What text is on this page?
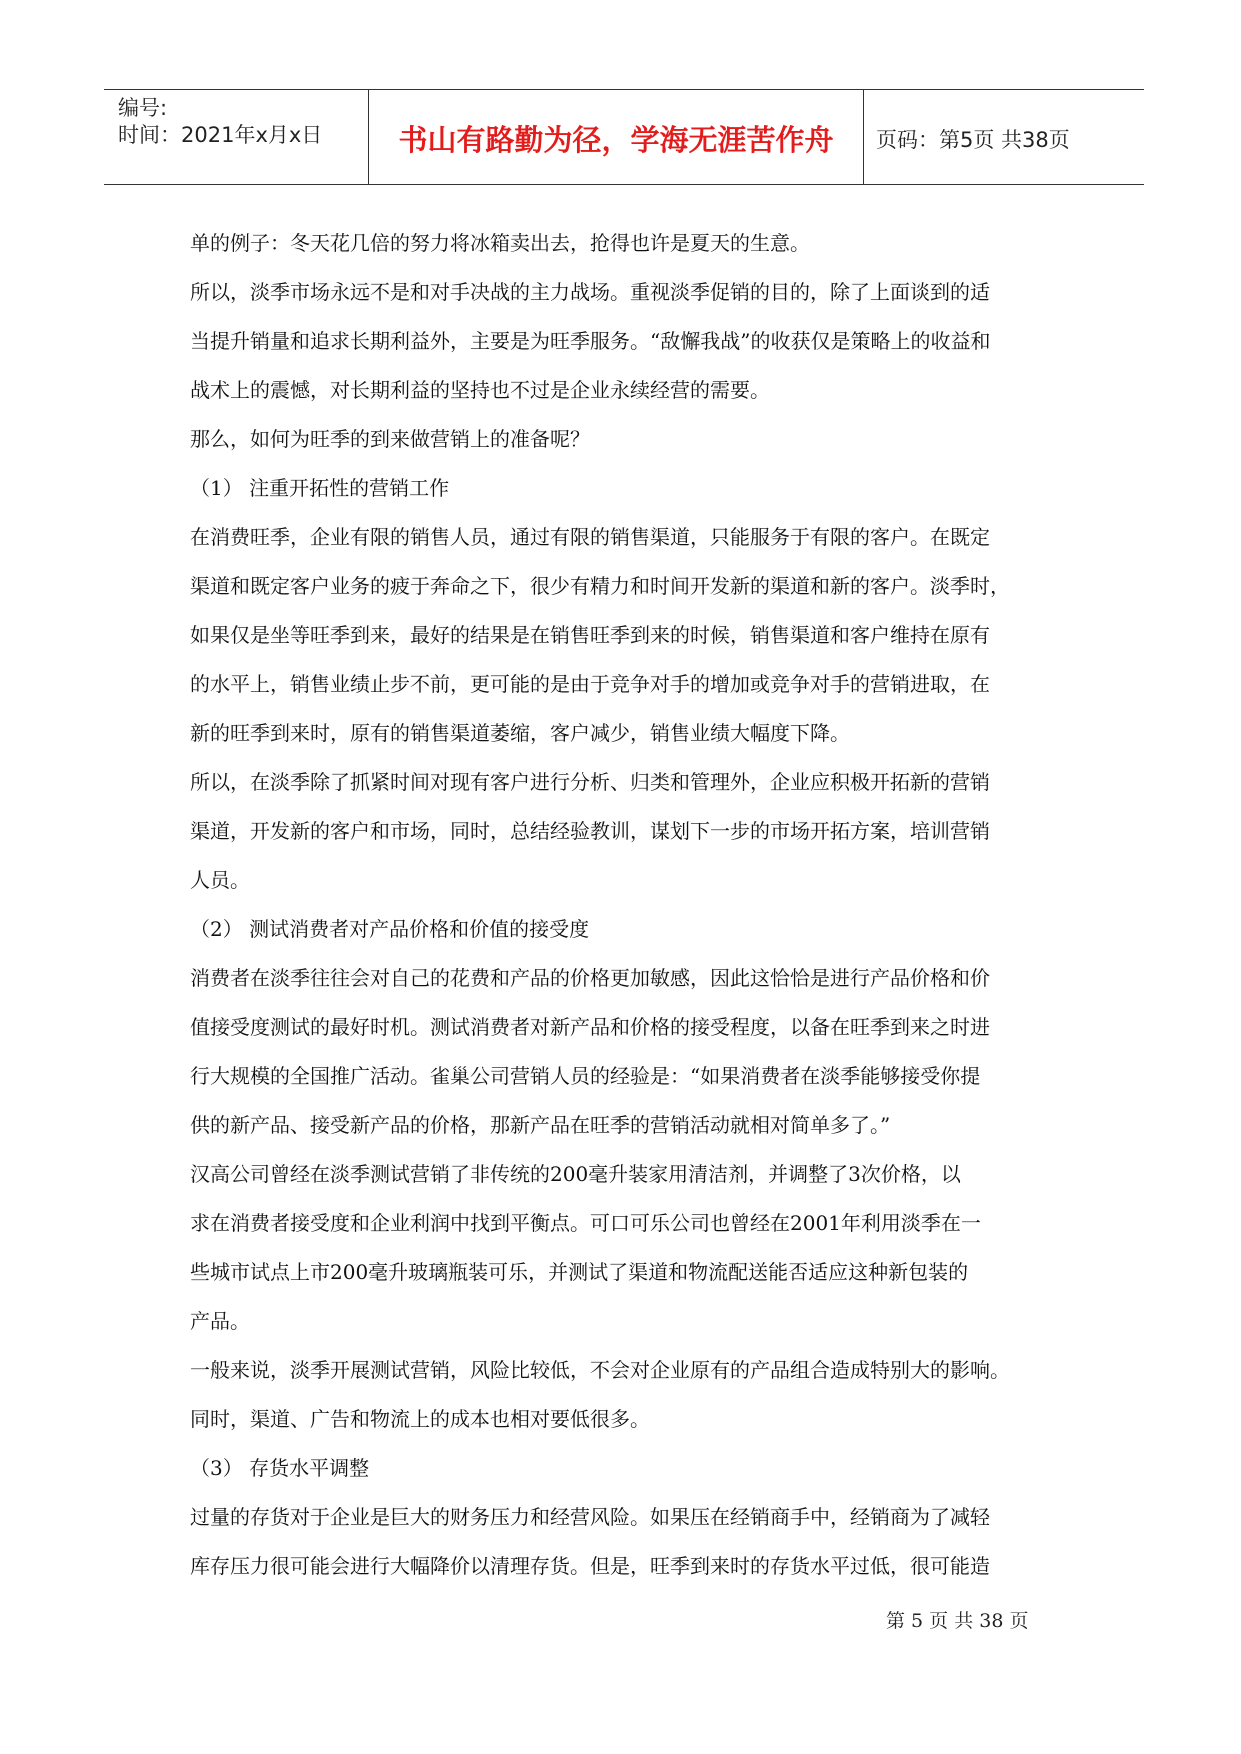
编号:
时间：2021年x月x日	书山有路勤为径，学海无涯苦作舟	页码：第5页 共38页
单的例子：冬天花几倍的努力将冰箱卖出去，抢得也许是夏天的生意。
所以，淡季市场永远不是和对手决战的主力战场。重视淡季促销的目的，除了上面谈到的适
当提升销量和追求长期利益外，主要是为旺季服务。“敌懈我战”的收获仅是策略上的收益和
战术上的震憾，对长期利益的坚持也不过是企业永续经营的需要。
那么，如何为旺季的到来做营销上的准备呢？
（1） 注重开拓性的营销工作
在消费旺季，企业有限的销售人员，通过有限的销售渠道，只能服务于有限的客户。在既定
渠道和既定客户业务的疲于奔命之下，很少有精力和时间开发新的渠道和新的客户。淡季时，
如果仅是坐等旺季到来，最好的结果是在销售旺季到来的时候，销售渠道和客户维持在原有
的水平上，销售业绩止步不前，更可能的是由于竞争对手的增加或竞争对手的营销进取，在
新的旺季到来时，原有的销售渠道萎缩，客户减少，销售业绩大幅度下降。
所以，在淡季除了抓紧时间对现有客户进行分析、归类和管理外，企业应积极开拓新的营销
渠道，开发新的客户和市场，同时，总结经验教训，谋划下一步的市场开拓方案，培训营销
人员。
（2） 测试消费者对产品价格和价值的接受度
消费者在淡季往往会对自己的花费和产品的价格更加敏感，因此这恰恰是进行产品价格和价
值接受度测试的最好时机。测试消费者对新产品和价格的接受程度，以备在旺季到来之时进
行大规模的全国推广活动。雀巢公司营销人员的经验是：“如果消费者在淡季能够接受你提
供的新产品、接受新产品的价格，那新产品在旺季的营销活动就相对简单多了。”
汉高公司曾经在淡季测试营销了非传统的200毫升装家用清洁剂，并调整了3次价格，以
求在消费者接受度和企业利润中找到平衡点。可口可乐公司也曾经在2001年利用淡季在一
些城市试点上市200毫升玻璃瓶装可乐，并测试了渠道和物流配送能否适应这种新包装的
产品。
一般来说，淡季开展测试营销，风险比较低，不会对企业原有的产品组合造成特别大的影响。
同时，渠道、广告和物流上的成本也相对要低很多。
（3） 存货水平调整
过量的存货对于企业是巨大的财务压力和经营风险。如果压在经销商手中，经销商为了减轻
库存压力很可能会进行大幅降价以清理存货。但是，旺季到来时的存货水平过低，很可能造
第 5 页 共 38 页
